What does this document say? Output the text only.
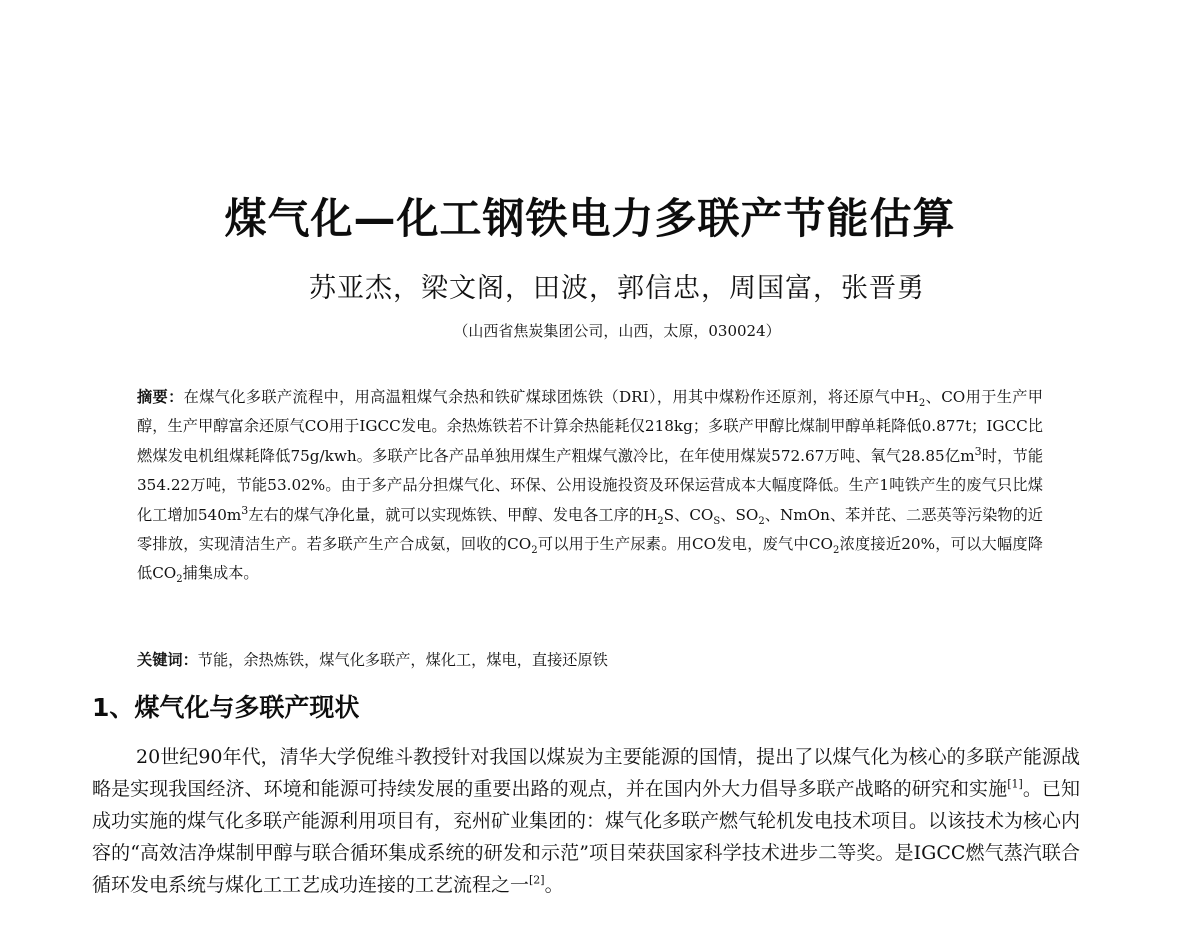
煤气化—化工钢铁电力多联产节能估算
苏亚杰，梁文阁，田波，郭信忠，周国富，张晋勇
（山西省焦炭集团公司，山西，太原，030024）

摘要：在煤气化多联产流程中，用高温粗煤气余热和铁矿煤球团炼铁（DRI），用其中煤粉作还原剂，将还原气中$H_2$、CO用于生产甲醇，生产甲醇富余还原气CO用于IGCC发电。余热炼铁若不计算余热能耗仅218kg；多联产甲醇比煤制甲醇单耗降低0.877t；IGCC比燃煤发电机组煤耗降低75g/kwh。多联产比各产品单独用煤生产粗煤气激冷比，在年使用煤炭572.67万吨、氧气28.85亿$m^3$时，节能354.22万吨，节能53.02%。由于多产品分担煤气化、环保、公用设施投资及环保运营成本大幅度降低。生产1吨铁产生的废气只比煤化工增加$540m^3$左右的煤气净化量，就可以实现炼铁、甲醇、发电各工序的$H_2S$、$CO_S$、$SO_2$、NmOn、苯并芘、二恶英等污染物的近零排放，实现清洁生产。若多联产生产合成氨，回收的$CO_2$可以用于生产尿素。用CO发电，废气中$CO_2$浓度接近20%，可以大幅度降低$CO_2$捕集成本。

关键词：节能，余热炼铁，煤气化多联产，煤化工，煤电，直接还原铁

1、煤气化与多联产现状

20世纪90年代，清华大学倪维斗教授针对我国以煤炭为主要能源的国情，提出了以煤气化为核心的多联产能源战略是实现我国经济、环境和能源可持续发展的重要出路的观点，并在国内外大力倡导多联产战略的研究和实施[1]。已知成功实施的煤气化多联产能源利用项目有，兖州矿业集团的：煤气化多联产燃气轮机发电技术项目。以该技术为核心内容的“高效洁净煤制甲醇与联合循环集成系统的研发和示范”项目荣获国家科学技术进步二等奖。是IGCC燃气蒸汽联合循环发电系统与煤化工工艺成功连接的工艺流程之一[2]。
